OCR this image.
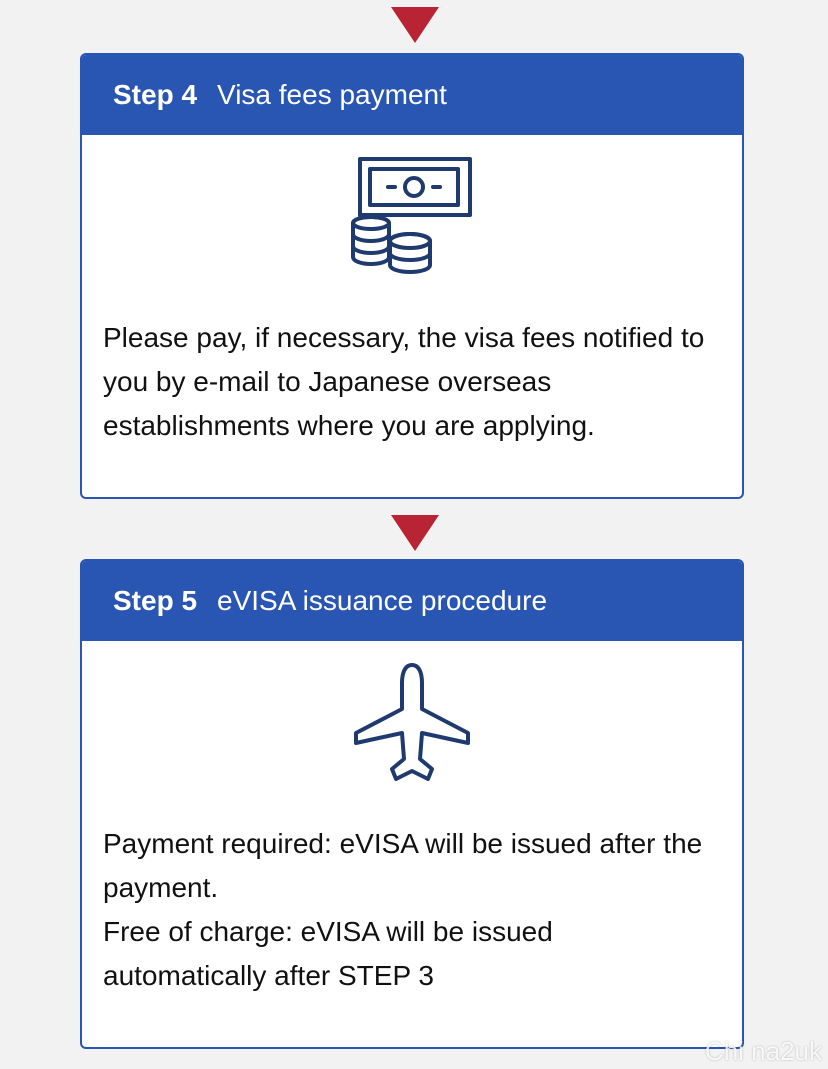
Step 4 Visa fees payment

Please pay, if necessary, the visa fees notified to you by e-mail to Japanese overseas establishments where you are applying.

Step 5 eVISA issuance procedure
Payment required: eVISA will be issued after the payment.
Free of charge: eVISA will be issued automatically after STEP 3
Chi na2uk
